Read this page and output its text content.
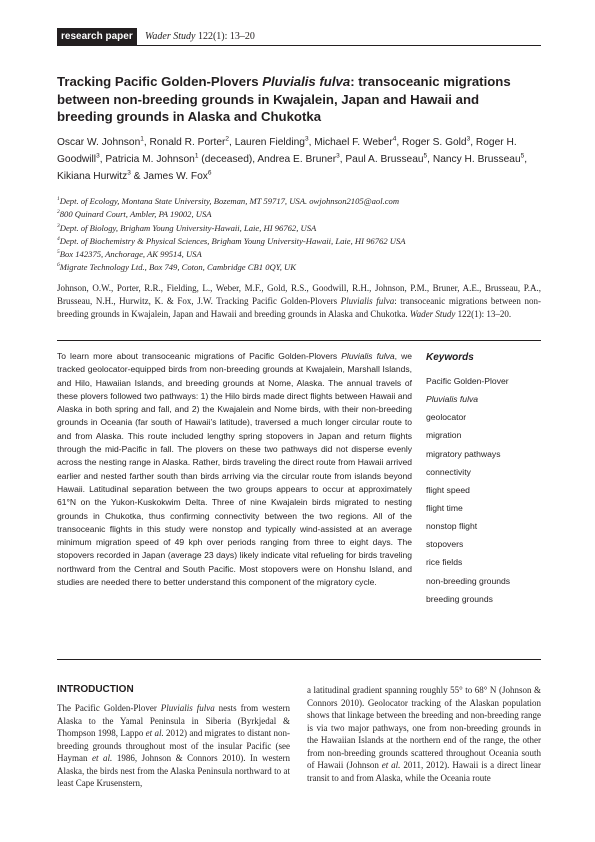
research paper	Wader Study 122(1): 13–20
Tracking Pacific Golden-Plovers Pluvialis fulva: transoceanic migrations between non-breeding grounds in Kwajalein, Japan and Hawaii and breeding grounds in Alaska and Chukotka

Oscar W. Johnson$^1$, Ronald R. Porter$^2$, Lauren Fielding$^3$, Michael F. Weber$^4$, Roger S. Gold$^3$, Roger H. Goodwill$^3$, Patricia M. Johnson$^1$ (deceased), Andrea E. Bruner$^3$, Paul A. Brusseau$^5$, Nancy H. Brusseau$^5$, Kikiana Hurwitz$^3$ & James W. Fox$^6$

$^1$Dept. of Ecology, Montana State University, Bozeman, MT 59717, USA. owjohnson2105@aol.com
$^2$800 Quinard Court, Ambler, PA 19002, USA
$^3$Dept. of Biology, Brigham Young University-Hawaii, Laie, HI 96762, USA
$^4$Dept. of Biochemistry & Physical Sciences, Brigham Young University-Hawaii, Laie, HI 96762 USA
$^5$Box 142375, Anchorage, AK 99514, USA
$^6$Migrate Technology Ltd., Box 749, Coton, Cambridge CB1 0QY, UK

Johnson, O.W., Porter, R.R., Fielding, L., Weber, M.F., Gold, R.S., Goodwill, R.H., Johnson, P.M., Bruner, A.E., Brusseau, P.A., Brusseau, N.H., Hurwitz, K. & Fox, J.W. Tracking Pacific Golden-Plovers Pluvialis fulva: transoceanic migrations between non-breeding grounds in Kwajalein, Japan and Hawaii and breeding grounds in Alaska and Chukotka. Wader Study 122(1): 13–20.

To learn more about transoceanic migrations of Pacific Golden-Plovers Pluvialis fulva, we tracked geolocator-equipped birds from non-breeding grounds at Kwajalein, Marshall Islands, and Hilo, Hawaiian Islands, and breeding grounds at Nome, Alaska. The annual travels of these plovers followed two pathways: 1) the Hilo birds made direct flights between Hawaii and Alaska in both spring and fall, and 2) the Kwajalein and Nome birds, with their non-breeding grounds in Oceania (far south of Hawaii’s latitude), traversed a much longer circular route to and from Alaska. This route included lengthy spring stopovers in Japan and return flights through the mid-Pacific in fall. The plovers on these two pathways did not disperse evenly across the nesting range in Alaska. Rather, birds traveling the direct route from Hawaii arrived earlier and nested farther south than birds arriving via the circular route from islands beyond Hawaii. Latitudinal separation between the two groups appears to occur at approximately 61°N on the Yukon-Kuskokwim Delta. Three of nine Kwajalein birds migrated to nesting grounds in Chukotka, thus confirming connectivity between the two regions. All of the transoceanic flights in this study were nonstop and typically wind-assisted at an average minimum migration speed of 49 kph over periods ranging from three to eight days. The stopovers recorded in Japan (average 23 days) likely indicate vital refueling for birds traveling northward from the Central and South Pacific. Most stopovers were on Honshu Island, and studies are needed there to better understand this component of the migratory cycle.

Keywords
Pacific Golden-Plover
Pluvialis fulva
geolocator
migration
migratory pathways
connectivity
flight speed
flight time
nonstop flight
stopovers
rice fields
non-breeding grounds
breeding grounds
INTRODUCTION

The Pacific Golden-Plover Pluvialis fulva nests from western Alaska to the Yamal Peninsula in Siberia (Byrkjedal & Thompson 1998, Lappo et al. 2012) and migrates to distant non-breeding grounds throughout most of the insular Pacific (see Hayman et al. 1986, Johnson & Connors 2010). In western Alaska, the birds nest from the Alaska Peninsula northward to at least Cape Krusenstern,

a latitudinal gradient spanning roughly 55° to 68° N (Johnson & Connors 2010). Geolocator tracking of the Alaskan population shows that linkage between the breeding and non-breeding range is via two major pathways, one from non-breeding grounds in the Hawaiian Islands at the northern end of the range, the other from non-breeding grounds scattered throughout Oceania south of Hawaii (Johnson et al. 2011, 2012). Hawaii is a direct linear transit to and from Alaska, while the Oceania route
